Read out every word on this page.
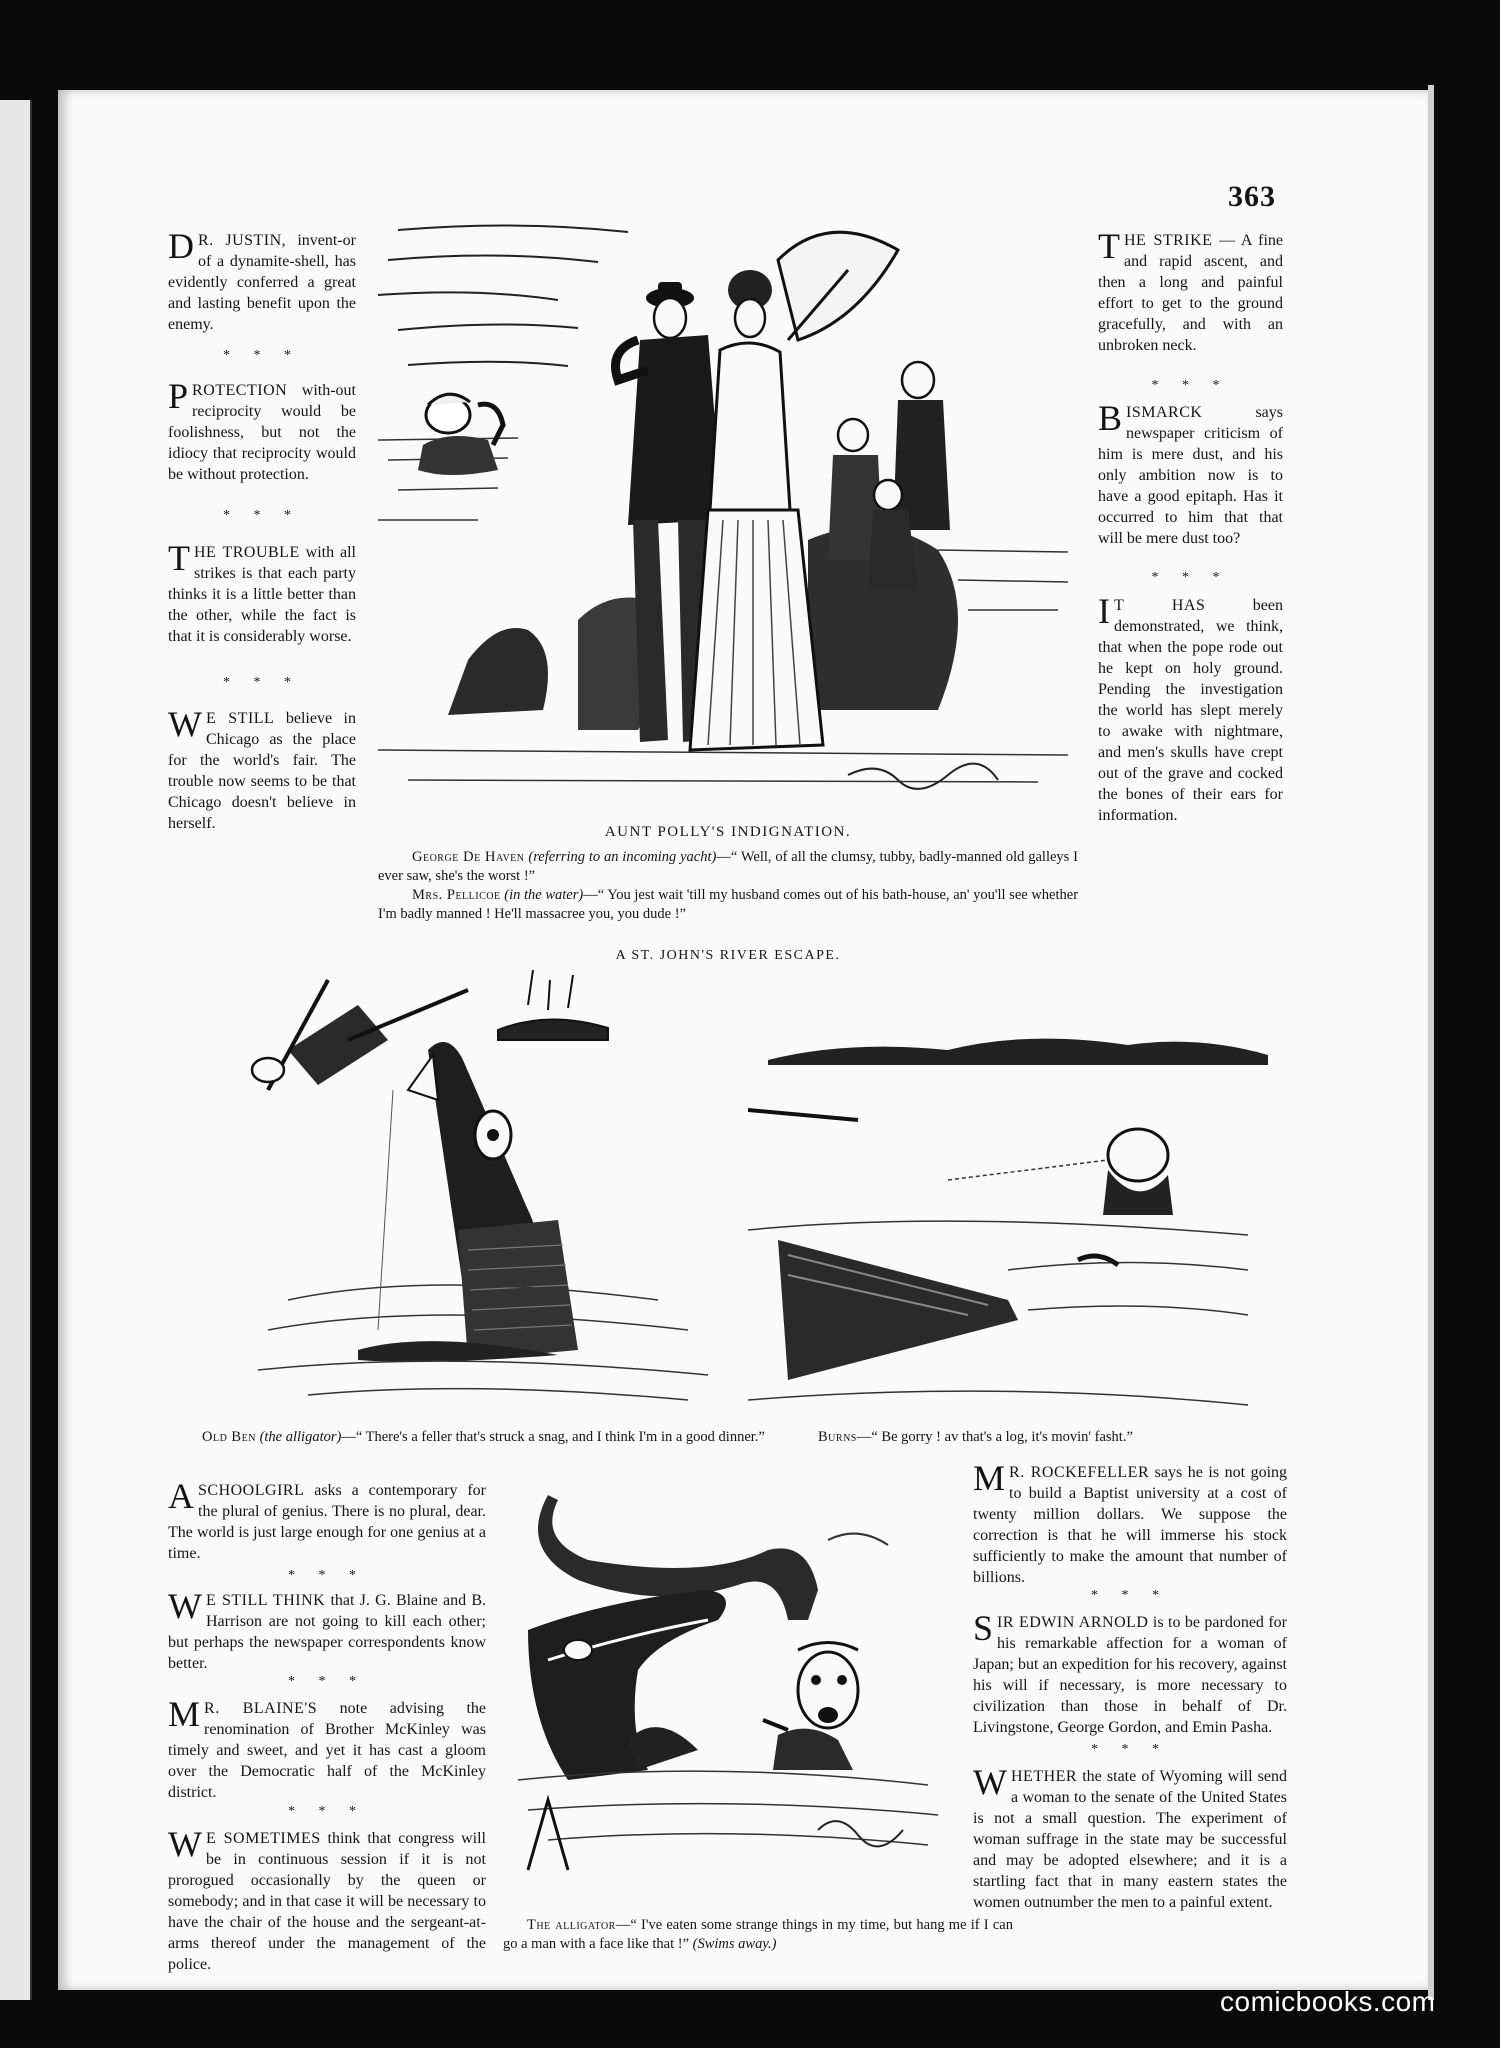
363
D R. JUSTIN, invent-or of a dynamite-shell, has evidently conferred a great and lasting benefit upon the enemy.
* * *
PROTECTION with-out reciprocity would be foolishness, but not the idiocy that reciprocity would be without protection.
* * *
THE TROUBLE with all strikes is that each party thinks it is a little better than the other, while the fact is that it is considerably worse.
* * *
W E STILL believe in Chicago as the place for the world's fair. The trouble now seems to be that Chicago doesn't believe in herself.
THE STRIKE — A fine and rapid ascent, and then a long and painful effort to get to the ground gracefully, and with an unbroken neck.
* * *
BISMARCK says newspaper criticism of him is mere dust, and his only ambition now is to have a good epitaph. Has it occurred to him that that will be mere dust too?
* * *
I T HAS been demonstrated, we think, that when the pope rode out he kept on holy ground. Pending the investigation the world has slept merely to awake with nightmare, and men's skulls have crept out of the grave and cocked the bones of their ears for information.
AUNT POLLY'S INDIGNATION.
George De Haven (referring to an incoming yacht)—“ Well, of all the clumsy, tubby, badly-manned old galleys I ever saw, she's the worst !”
Mrs. Pellicoe (in the water)—“ You jest wait 'till my husband comes out of his bath-house, an' you'll see whether I'm badly manned ! He'll massacree you, you dude !”
A ST. JOHN'S RIVER ESCAPE.
Old Ben (the alligator)—“ There's a feller that's struck a snag, and I think I'm in a good dinner.”	Burns—“ Be gorry ! av that's a log, it's movin' fasht.”
A SCHOOLGIRL asks a contemporary for the plural of genius. There is no plural, dear. The world is just large enough for one genius at a time.
* * *
W E STILL THINK that J. G. Blaine and B. Harrison are not going to kill each other; but perhaps the newspaper correspondents know better.
* * *
M R. BLAINE'S note advising the renomination of Brother McKinley was timely and sweet, and yet it has cast a gloom over the Democratic half of the McKinley district.
* * *
W E SOMETIMES think that congress will be in continuous session if it is not prorogued occasionally by the queen or somebody; and in that case it will be necessary to have the chair of the house and the sergeant-at-arms thereof under the management of the police.
The alligator—“ I've eaten some strange things in my time, but hang me if I can go a man with a face like that !” (Swims away.)
M R. ROCKEFELLER says he is not going to build a Baptist university at a cost of twenty million dollars. We suppose the correction is that he will immerse his stock sufficiently to make the amount that number of billions.
* * *
SIR EDWIN ARNOLD is to be pardoned for his remarkable affection for a woman of Japan; but an expedition for his recovery, against his will if necessary, is more necessary to civilization than those in behalf of Dr. Livingstone, George Gordon, and Emin Pasha.
* * *
WHETHER the state of Wyoming will send a woman to the senate of the United States is not a small question. The experiment of woman suffrage in the state may be successful and may be adopted elsewhere; and it is a startling fact that in many eastern states the women outnumber the men to a painful extent.
comicbooks.com
